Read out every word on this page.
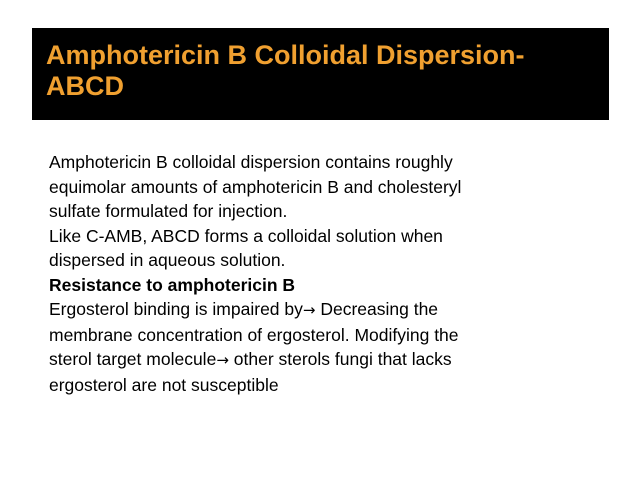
Amphotericin B Colloidal Dispersion-
ABCD
Amphotericin B colloidal dispersion contains roughly
equimolar amounts of amphotericin B and cholesteryl
sulfate formulated for injection.
Like C-AMB, ABCD forms a colloidal solution when
dispersed in aqueous solution.
Resistance to amphotericin B
Ergosterol binding is impaired by→ Decreasing the
membrane concentration of ergosterol. Modifying the
sterol target molecule→ other sterols fungi that lacks
ergosterol are not susceptible
